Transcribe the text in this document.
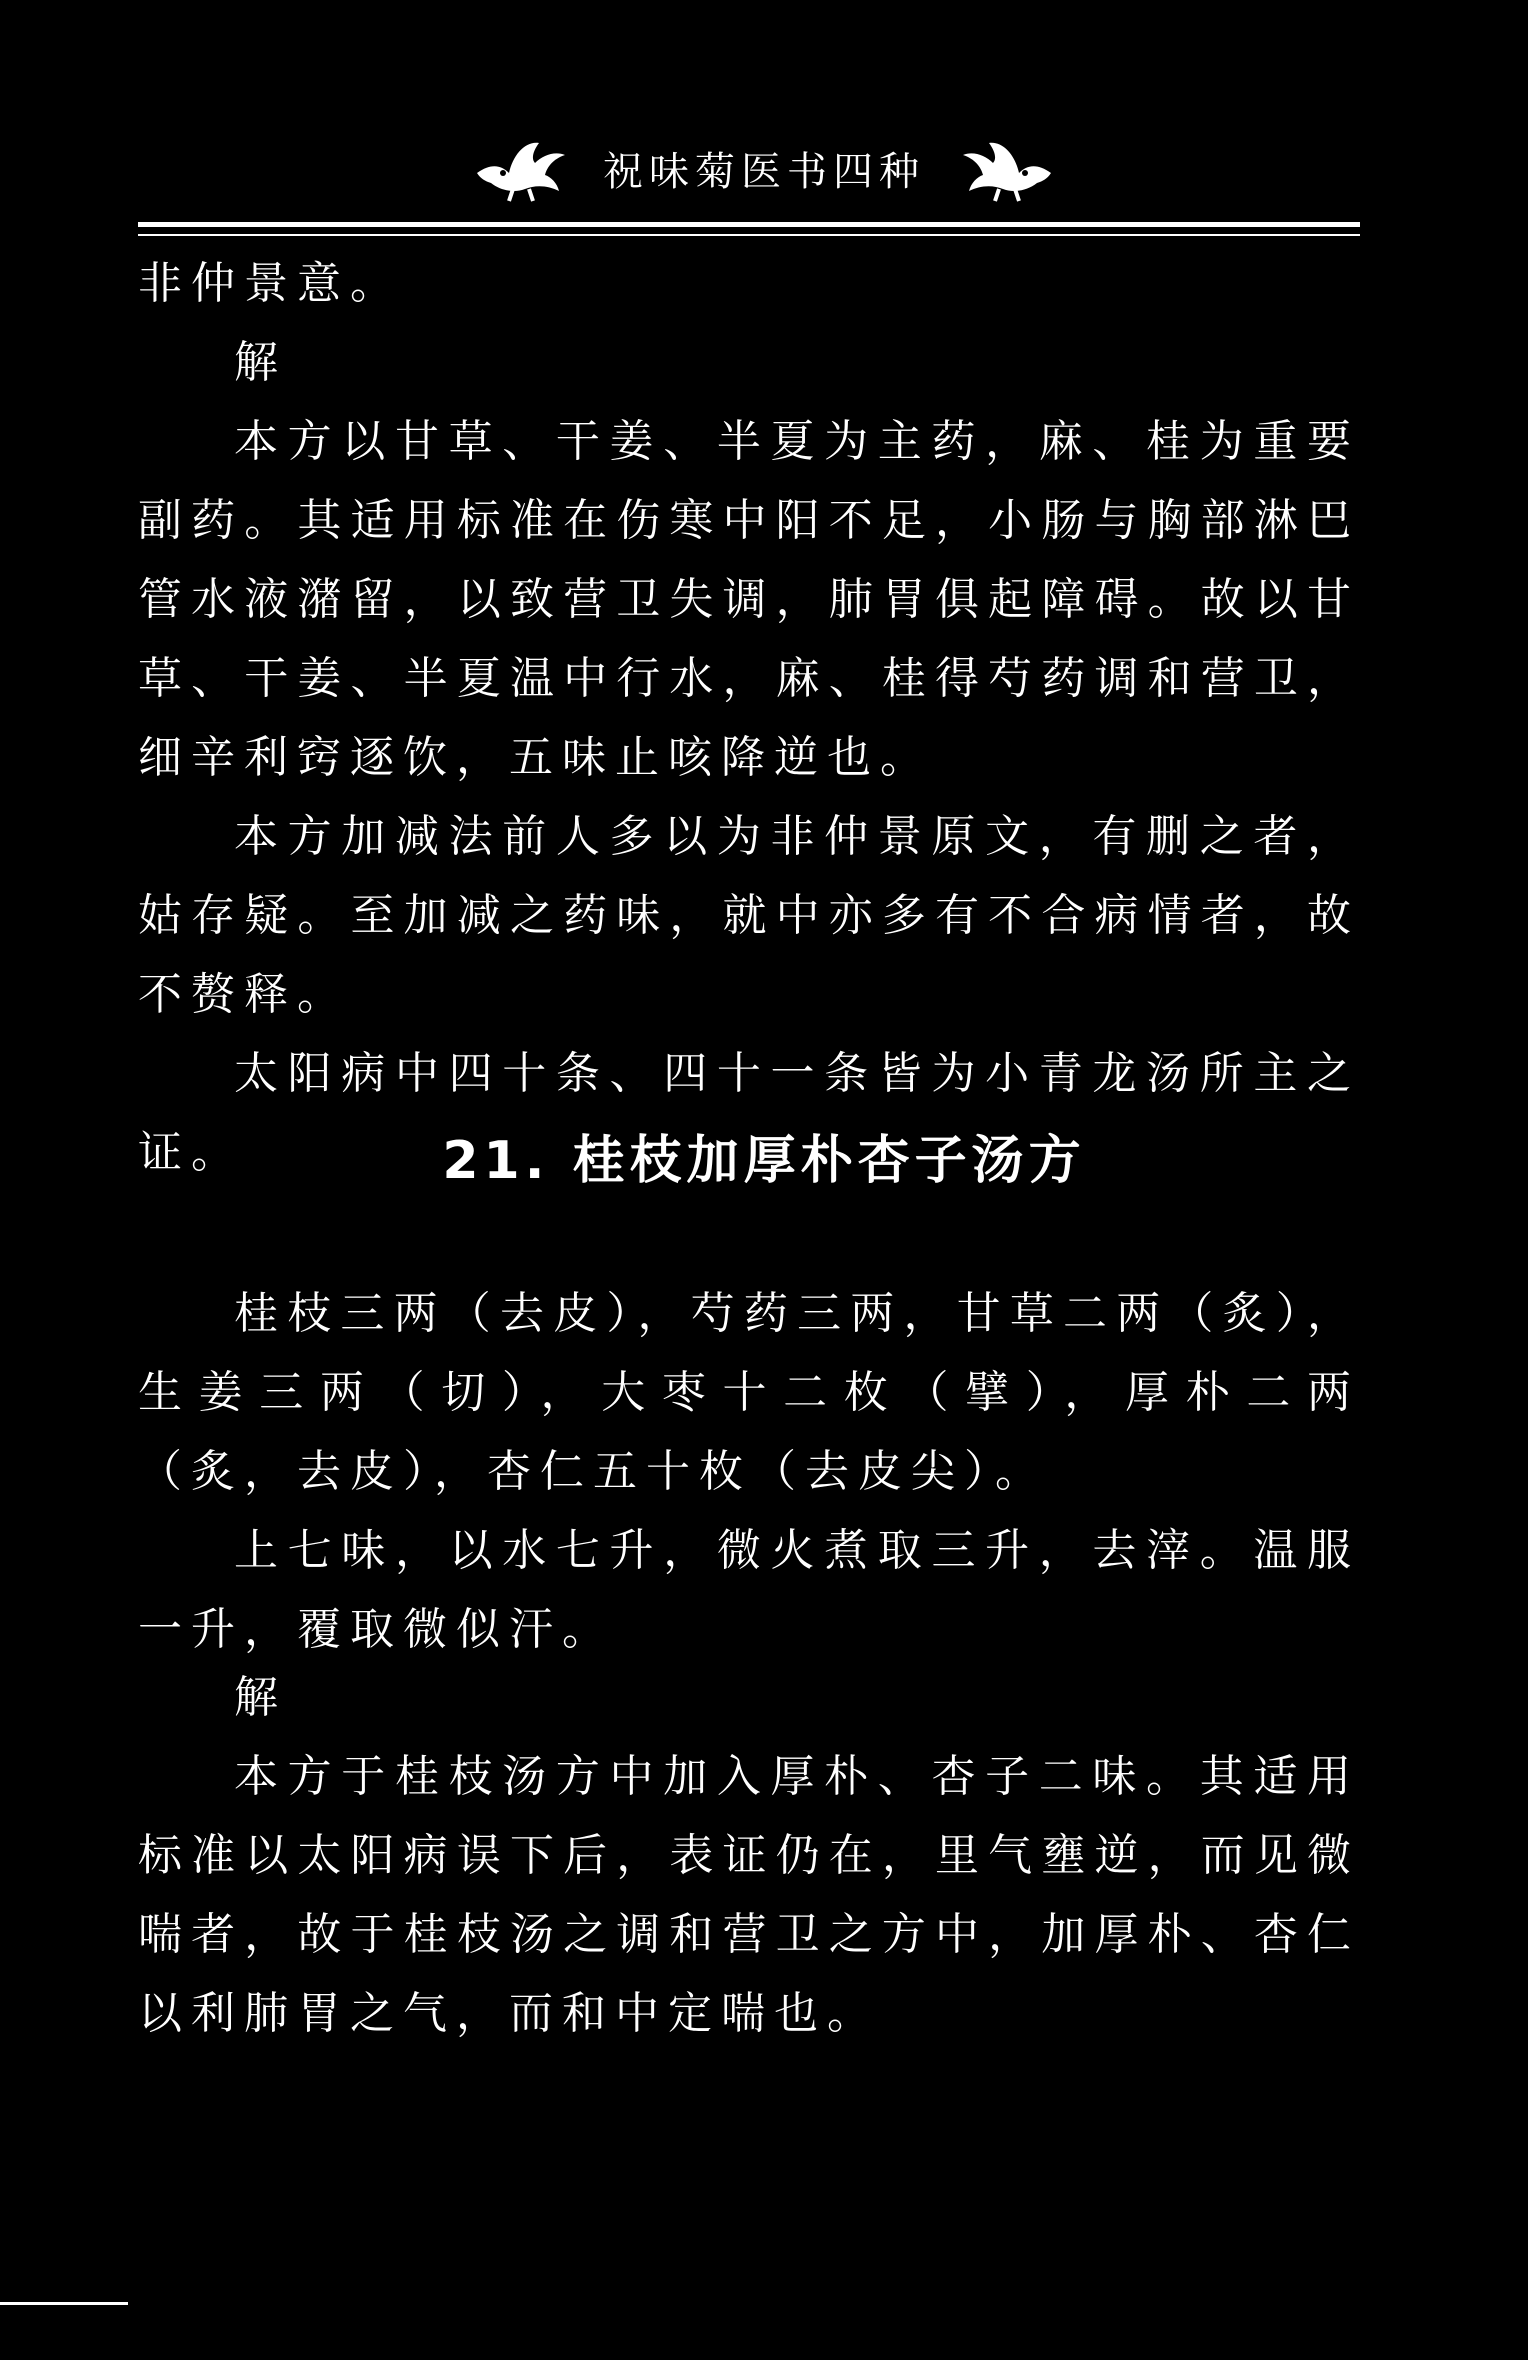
祝味菊医书四种

非仲景意。

解

本方以甘草、干姜、半夏为主药，麻、桂为重要副药。其适用标准在伤寒中阳不足，小肠与胸部淋巴管水液潴留，以致营卫失调，肺胃俱起障碍。故以甘草、干姜、半夏温中行水，麻、桂得芍药调和营卫，细辛利窍逐饮，五味止咳降逆也。

本方加减法前人多以为非仲景原文，有删之者，姑存疑。至加减之药味，就中亦多有不合病情者，故不赘释。

太阳病中四十条、四十一条皆为小青龙汤所主之证。	21. 桂枝加厚朴杏子汤方

桂枝三两（去皮），芍药三两，甘草二两（炙），生姜三两（切），大枣十二枚（擘），厚朴二两（炙，去皮），杏仁五十枚（去皮尖）。

上七味，以水七升，微火煮取三升，去滓。温服一升，覆取微似汗。

解

本方于桂枝汤方中加入厚朴、杏子二味。其适用标准以太阳病误下后，表证仍在，里气壅逆，而见微喘者，故于桂枝汤之调和营卫之方中，加厚朴、杏仁以利肺胃之气，而和中定喘也。
